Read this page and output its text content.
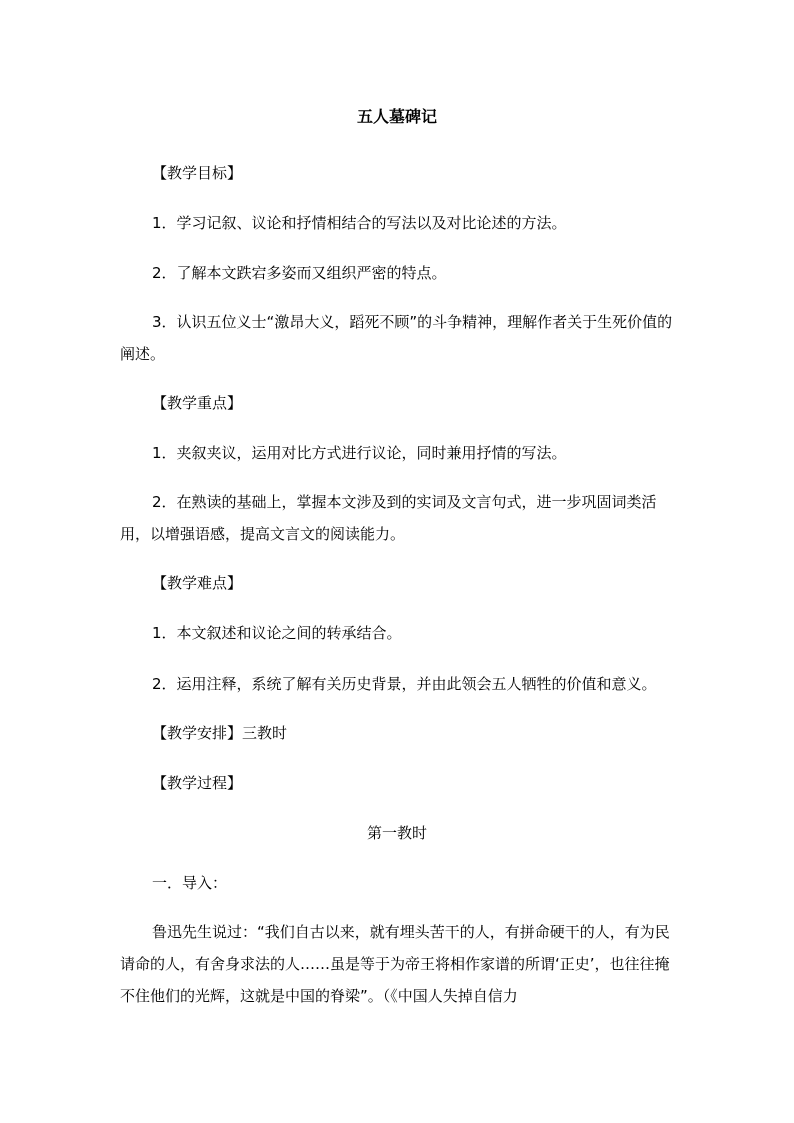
五人墓碑记
【教学目标】
1．学习记叙、议论和抒情相结合的写法以及对比论述的方法。
2．了解本文跌宕多姿而又组织严密的特点。
3．认识五位义士“激昂大义，蹈死不顾”的斗争精神，理解作者关于生死价值的阐述。
【教学重点】
1．夹叙夹议，运用对比方式进行议论，同时兼用抒情的写法。
2．在熟读的基础上，掌握本文涉及到的实词及文言句式，进一步巩固词类活用，以增强语感，提高文言文的阅读能力。
【教学难点】
1．本文叙述和议论之间的转承结合。
2．运用注释，系统了解有关历史背景，并由此领会五人牺牲的价值和意义。
【教学安排】三教时
【教学过程】
第一教时
一．导入：
鲁迅先生说过：“我们自古以来，就有埋头苦干的人，有拼命硬干的人，有为民请命的人，有舍身求法的人……虽是等于为帝王将相作家谱的所谓‘正史’，也往往掩不住他们的光辉，这就是中国的脊梁”。（《中国人失掉自信力
